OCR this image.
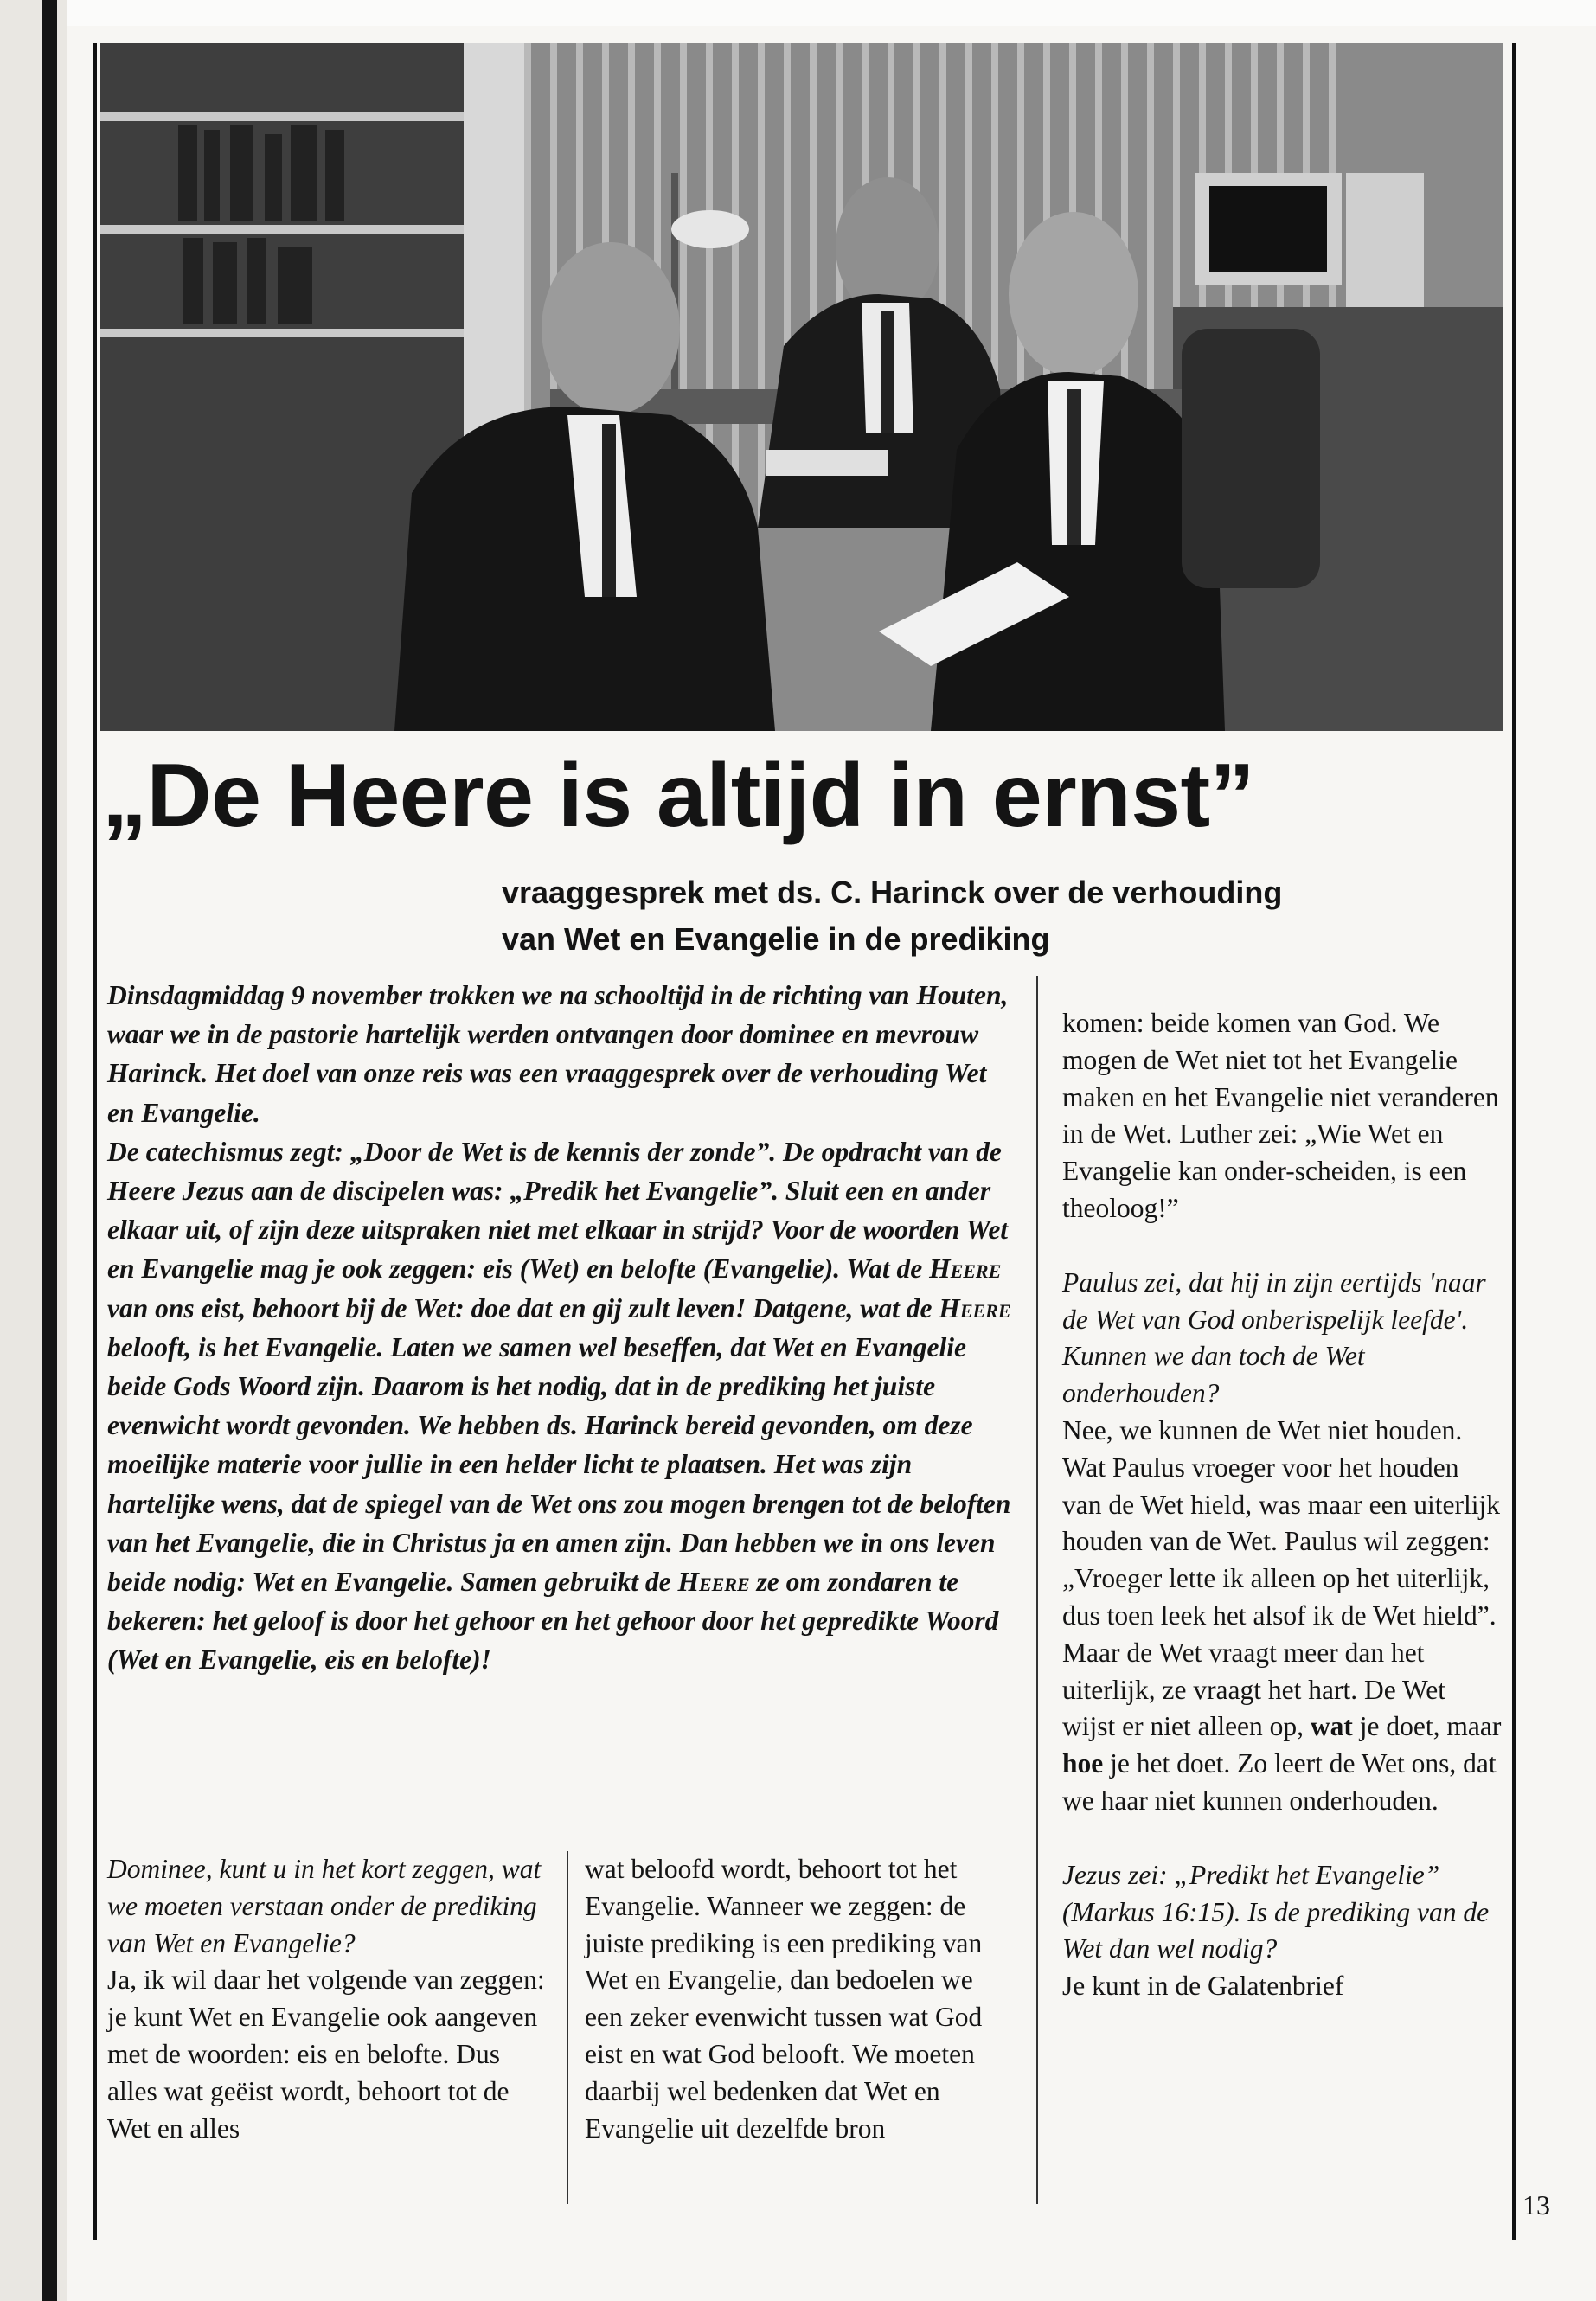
„De Heere is altijd in ernst”
vraaggesprek met ds. C. Harinck over de verhouding
van Wet en Evangelie in de prediking

Dinsdagmiddag 9 november trokken we na schooltijd in de richting van Houten, waar we in de pastorie hartelijk werden ontvangen door dominee en mevrouw Harinck. Het doel van onze reis was een vraaggesprek over de verhouding Wet en Evangelie.

De catechismus zegt: „Door de Wet is de kennis der zonde”. De opdracht van de Heere Jezus aan de discipelen was: „Predik het Evangelie”. Sluit een en ander elkaar uit, of zijn deze uitspraken niet met elkaar in strijd? Voor de woorden Wet en Evangelie mag je ook zeggen: eis (Wet) en belofte (Evangelie). Wat de Heere van ons eist, behoort bij de Wet: doe dat en gij zult leven! Datgene, wat de Heere belooft, is het Evangelie. Laten we samen wel beseffen, dat Wet en Evangelie beide Gods Woord zijn. Daarom is het nodig, dat in de prediking het juiste evenwicht wordt gevonden. We hebben ds. Harinck bereid gevonden, om deze moeilijke materie voor jullie in een helder licht te plaatsen. Het was zijn hartelijke wens, dat de spiegel van de Wet ons zou mogen brengen tot de beloften van het Evangelie, die in Christus ja en amen zijn. Dan hebben we in ons leven beide nodig: Wet en Evangelie. Samen gebruikt de Heere ze om zondaren te bekeren: het geloof is door het gehoor en het gehoor door het gepredikte Woord (Wet en Evangelie, eis en belofte)!

Dominee, kunt u in het kort zeggen, wat we moeten verstaan onder de prediking van Wet en Evangelie?

Ja, ik wil daar het volgende van zeggen: je kunt Wet en Evangelie ook aangeven met de woorden: eis en belofte. Dus alles wat geëist wordt, behoort tot de Wet en alles

wat beloofd wordt, behoort tot het Evangelie. Wanneer we zeggen: de juiste prediking is een prediking van Wet en Evangelie, dan bedoelen we een zeker evenwicht tussen wat God eist en wat God belooft. We moeten daarbij wel bedenken dat Wet en Evangelie uit dezelfde bron

komen: beide komen van God. We mogen de Wet niet tot het Evangelie maken en het Evangelie niet veranderen in de Wet. Luther zei: „Wie Wet en Evangelie kan onder-scheiden, is een theoloog!”

Paulus zei, dat hij in zijn eertijds 'naar de Wet van God onberispelijk leefde'. Kunnen we dan toch de Wet onderhouden?

Nee, we kunnen de Wet niet houden. Wat Paulus vroeger voor het houden van de Wet hield, was maar een uiterlijk houden van de Wet. Paulus wil zeggen: „Vroeger lette ik alleen op het uiterlijk, dus toen leek het alsof ik de Wet hield”. Maar de Wet vraagt meer dan het uiterlijk, ze vraagt het hart. De Wet wijst er niet alleen op, wat je doet, maar hoe je het doet. Zo leert de Wet ons, dat we haar niet kunnen onderhouden.

Jezus zei: „Predikt het Evangelie” (Markus 16:15). Is de prediking van de Wet dan wel nodig?

Je kunt in de Galatenbrief

13
